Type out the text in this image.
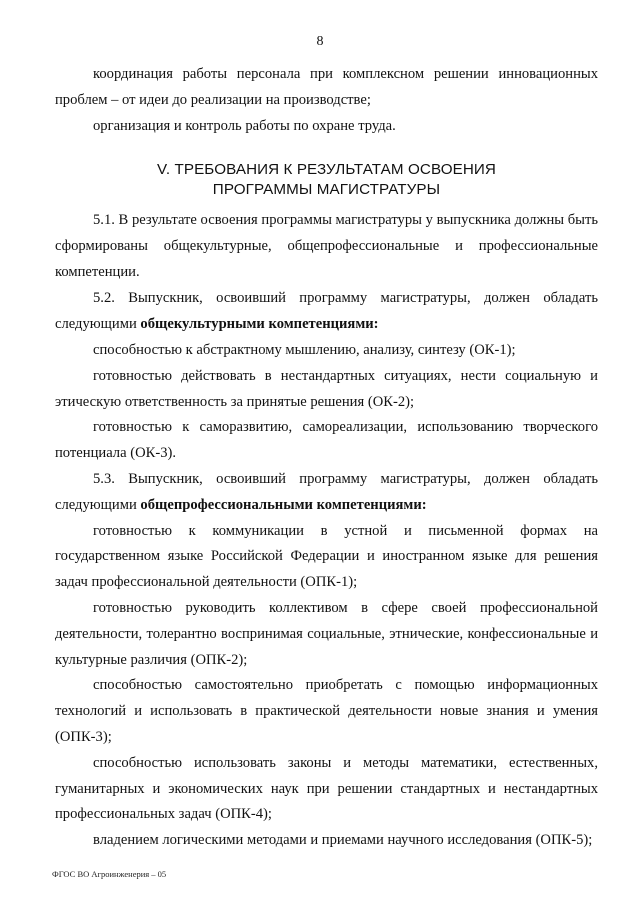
8

координация работы персонала при комплексном решении инновационных проблем – от идеи до реализации на производстве;

организация и контроль работы по охране труда.

V. ТРЕБОВАНИЯ К РЕЗУЛЬТАТАМ ОСВОЕНИЯ
ПРОГРАММЫ МАГИСТРАТУРЫ

5.1. В результате освоения программы магистратуры у выпускника должны быть сформированы общекультурные, общепрофессиональные и профессиональные компетенции.

5.2. Выпускник, освоивший программу магистратуры, должен обладать следующими общекультурными компетенциями:

способностью к абстрактному мышлению, анализу, синтезу (ОК-1);

готовностью действовать в нестандартных ситуациях, нести социальную и этическую ответственность за принятые решения (ОК-2);

готовностью к саморазвитию, самореализации, использованию творческого потенциала (ОК-3).

5.3. Выпускник, освоивший программу магистратуры, должен обладать следующими общепрофессиональными компетенциями:

готовностью к коммуникации в устной и письменной формах на государственном языке Российской Федерации и иностранном языке для решения задач профессиональной деятельности (ОПК-1);

готовностью руководить коллективом в сфере своей профессиональной деятельности, толерантно воспринимая социальные, этнические, конфессиональные и культурные различия (ОПК-2);

способностью самостоятельно приобретать с помощью информационных технологий и использовать в практической деятельности новые знания и умения (ОПК-3);

способностью использовать законы и методы математики, естественных, гуманитарных и экономических наук при решении стандартных и нестандартных профессиональных задач (ОПК-4);

владением логическими методами и приемами научного исследования (ОПК-5);

ФГОС ВО Агроинженерия – 05
